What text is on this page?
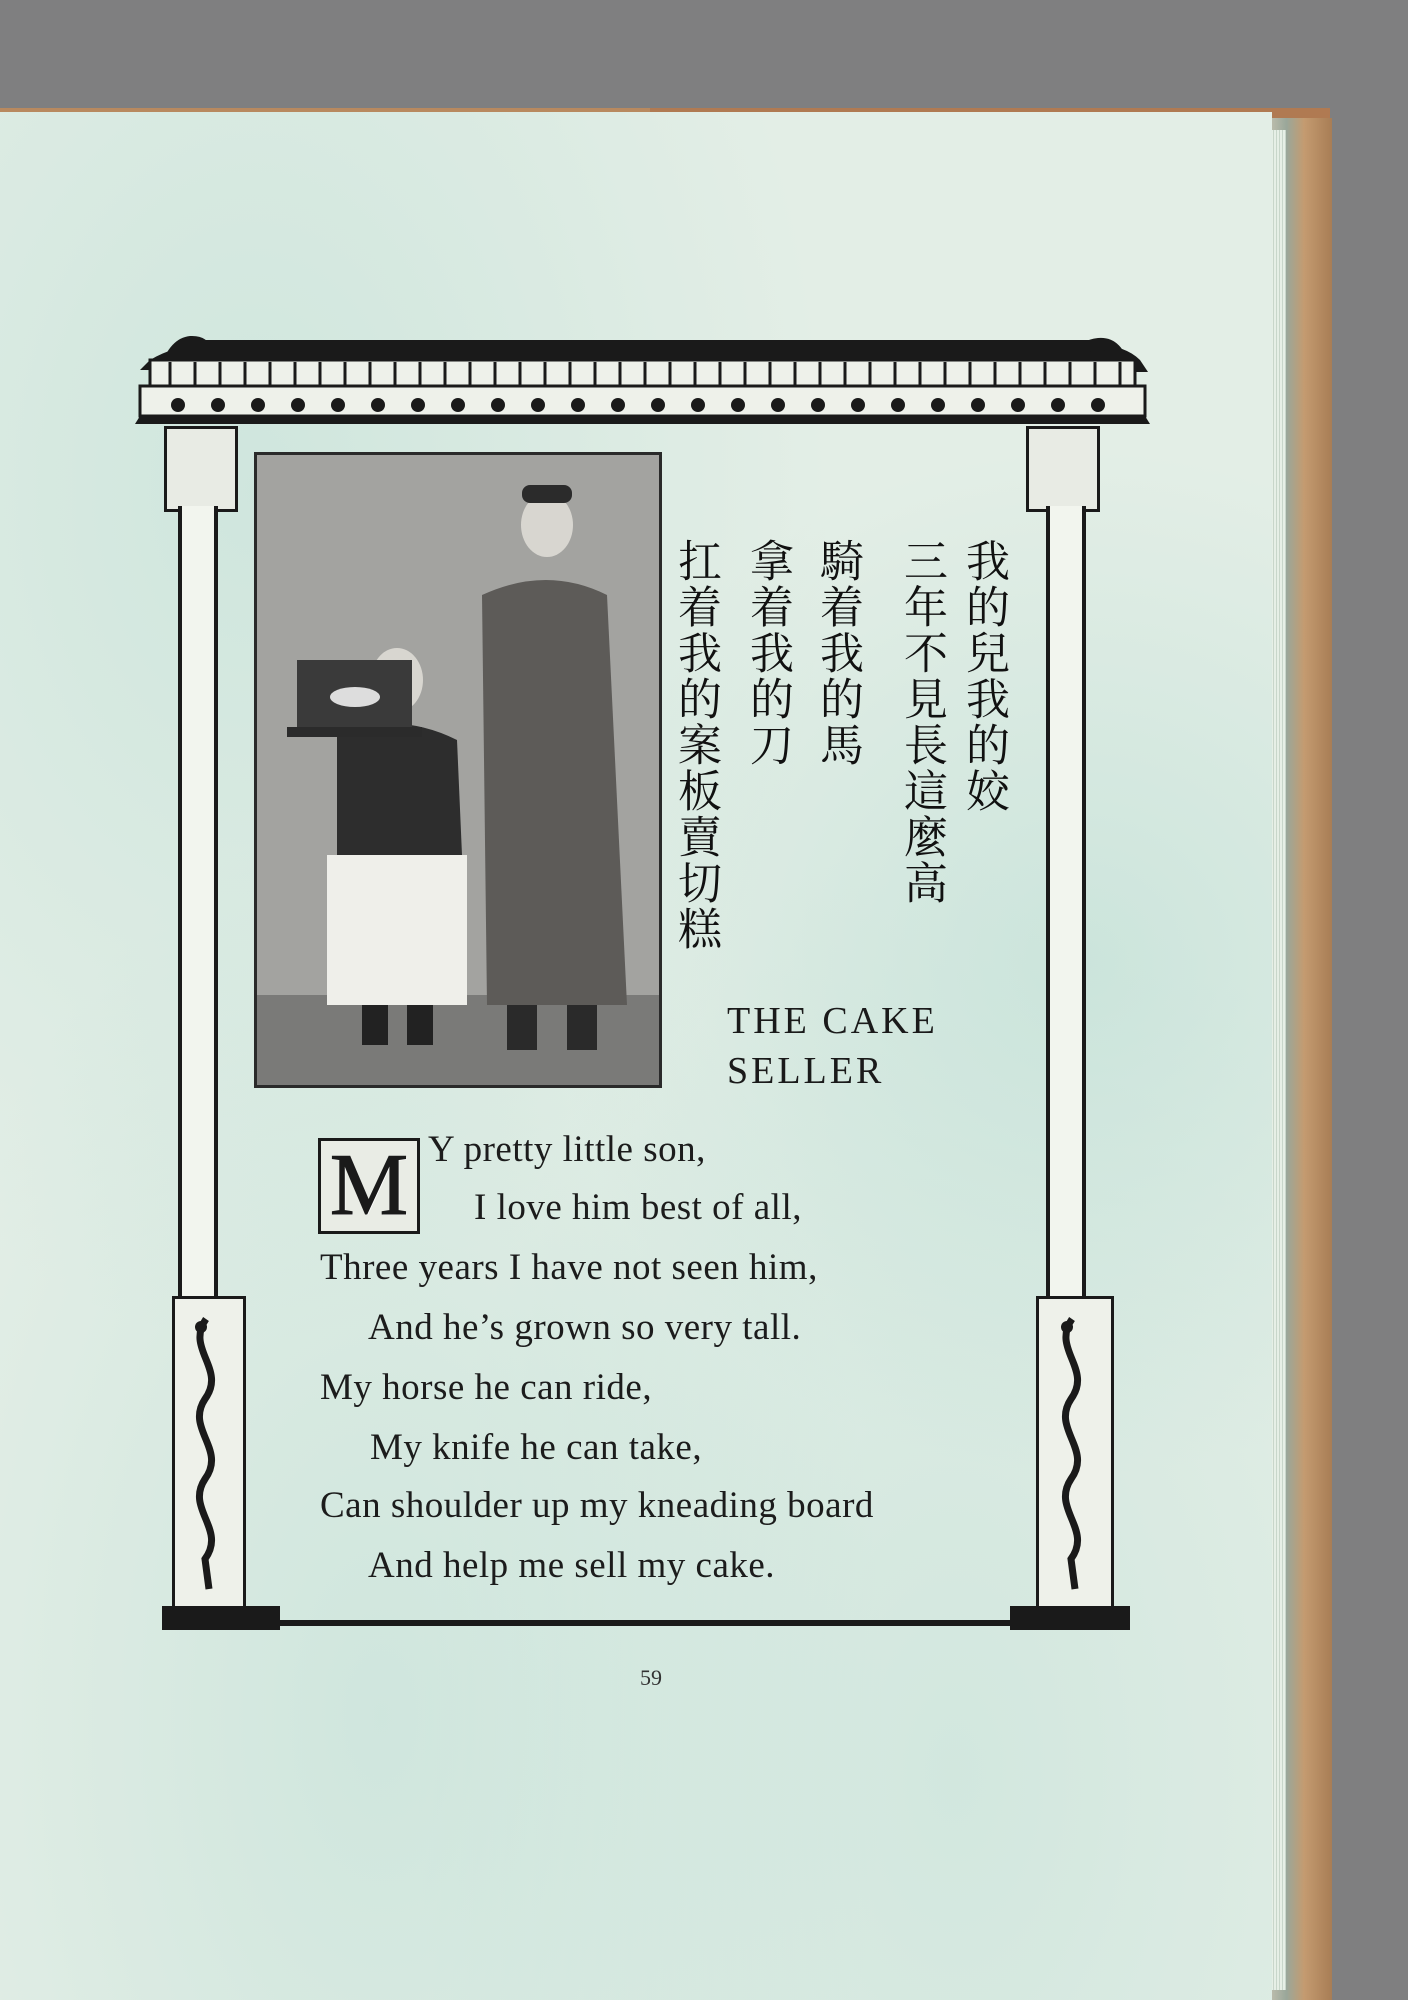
我的兒我的姣
三年不見長這麼高
騎着我的馬
拿着我的刀
扛着我的案板賣切糕
THE CAKE
SELLER
M Y pretty little son,
I love him best of all,
Three years I have not seen him,
And he’s grown so very tall.
My horse he can ride,
My knife he can take,
Can shoulder up my kneading board
And help me sell my cake.
59
